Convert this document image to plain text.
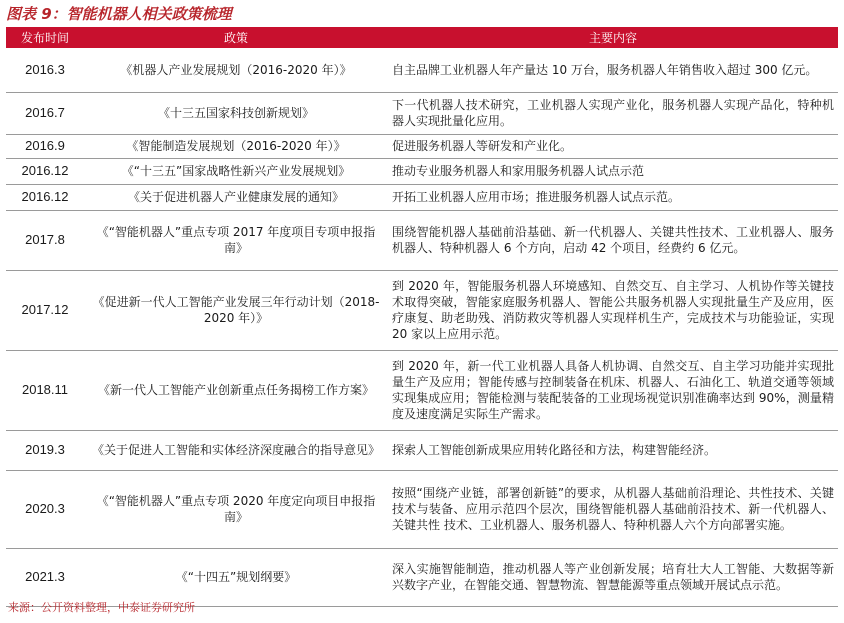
图表 9：智能机器人相关政策梳理
发布时间	政策	主要内容
2016.3	《机器人产业发展规划（2016-2020 年）》	自主品牌工业机器人年产量达 10 万台，服务机器人年销售收入超过 300 亿元。
2016.7	《十三五国家科技创新规划》	下一代机器人技术研究，工业机器人实现产业化，服务机器人实现产品化，特种机器人实现批量化应用。
2016.9	《智能制造发展规划（2016-2020 年）》	促进服务机器人等研发和产业化。
2016.12	《“十三五”国家战略性新兴产业发展规划》	推动专业服务机器人和家用服务机器人试点示范
2016.12	《关于促进机器人产业健康发展的通知》	开拓工业机器人应用市场；推进服务机器人试点示范。
2017.8	《“智能机器人”重点专项 2017 年度项目专项申报指南》	围绕智能机器人基础前沿基础、新一代机器人、关键共性技术、工业机器人、服务机器人、特种机器人 6 个方向，启动 42 个项目，经费约 6 亿元。
2017.12	《促进新一代人工智能产业发展三年行动计划（2018-2020 年）》	到 2020 年，智能服务机器人环境感知、自然交互、自主学习、人机协作等关键技术取得突破，智能家庭服务机器人、智能公共服务机器人实现批量生产及应用，医疗康复、助老助残、消防救灾等机器人实现样机生产，完成技术与功能验证，实现 20 家以上应用示范。
2018.11	《新一代人工智能产业创新重点任务揭榜工作方案》	到 2020 年，新一代工业机器人具备人机协调、自然交互、自主学习功能并实现批量生产及应用；智能传感与控制装备在机床、机器人、石油化工、轨道交通等领域实现集成应用；智能检测与装配装备的工业现场视觉识别准确率达到 90%，测量精度及速度满足实际生产需求。
2019.3	《关于促进人工智能和实体经济深度融合的指导意见》	探索人工智能创新成果应用转化路径和方法，构建智能经济。
2020.3	《“智能机器人”重点专项 2020 年度定向项目申报指南》	按照“围绕产业链，部署创新链”的要求，从机器人基础前沿理论、共性技术、关键技术与装备、应用示范四个层次，围绕智能机器人基础前沿技术、新一代机器人、关键共性 技术、工业机器人、服务机器人、特种机器人六个方向部署实施。
2021.3	《“十四五”规划纲要》	深入实施智能制造，推动机器人等产业创新发展；培育壮大人工智能、大数据等新兴数字产业，在智能交通、智慧物流、智慧能源等重点领域开展试点示范。
来源：公开资料整理，中泰证券研究所
